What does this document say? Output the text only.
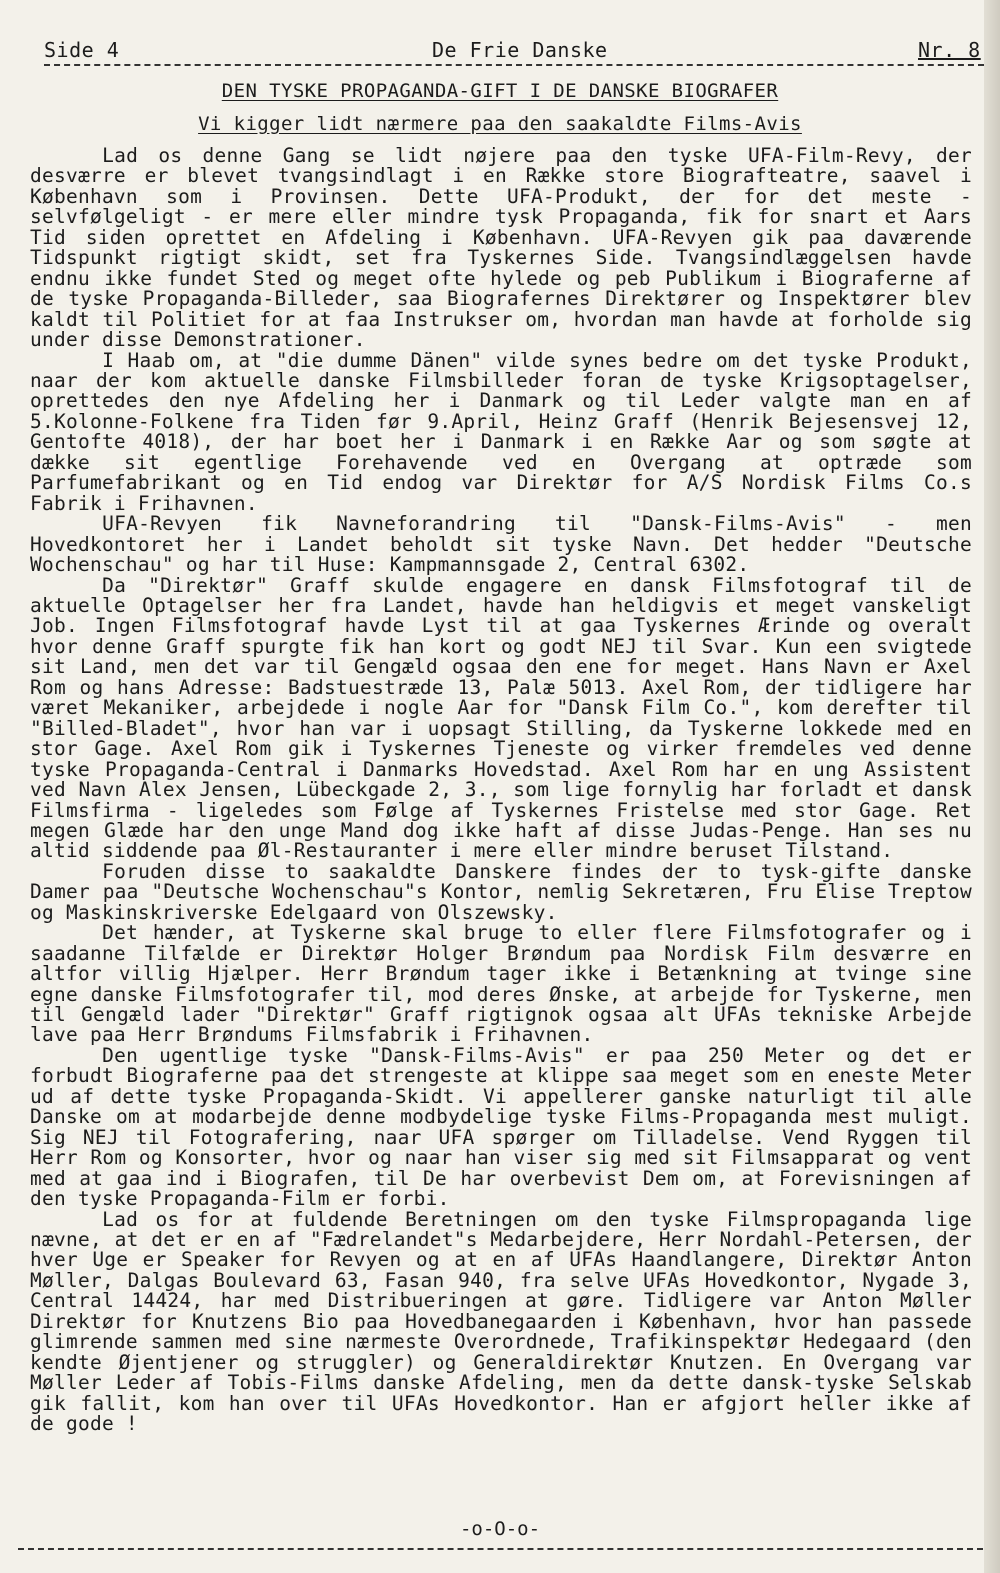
Side 4	De Frie Danske	Nr. 8
DEN TYSKE PROPAGANDA-GIFT I DE DANSKE BIOGRAFER
Vi kigger lidt nærmere paa den saakaldte Films-Avis

Lad os denne Gang se lidt nøjere paa den tyske UFA-Film-Revy, der desværre er blevet tvangsindlagt i en Række store Biografteatre, saavel i København som i Provinsen. Dette UFA-Produkt, der for det meste - selvfølgeligt - er mere eller mindre tysk Propaganda, fik for snart et Aars Tid siden oprettet en Afdeling i København. UFA-Revyen gik paa daværende Tidspunkt rigtigt skidt, set fra Tyskernes Side. Tvangsindlæggelsen havde endnu ikke fundet Sted og meget ofte hylede og peb Publikum i Biograferne af de tyske Propaganda-Billeder, saa Biografernes Direktører og Inspektører blev kaldt til Politiet for at faa Instrukser om, hvordan man havde at forholde sig under disse Demonstrationer.

I Haab om, at "die dumme Dänen" vilde synes bedre om det tyske Produkt, naar der kom aktuelle danske Filmsbilleder foran de tyske Krigsoptagelser, oprettedes den nye Afdeling her i Danmark og til Leder valgte man en af 5.Kolonne-Folkene fra Tiden før 9.April, Heinz Graff (Henrik Bejesensvej 12, Gentofte 4018), der har boet her i Danmark i en Række Aar og som søgte at dække sit egentlige Forehavende ved en Overgang at optræde som Parfumefabrikant og en Tid endog var Direktør for A/S Nordisk Films Co.s Fabrik i Frihavnen.

UFA-Revyen fik Navneforandring til "Dansk-Films-Avis" - men Hovedkontoret her i Landet beholdt sit tyske Navn. Det hedder "Deutsche Wochenschau" og har til Huse: Kampmannsgade 2, Central 6302.

Da "Direktør" Graff skulde engagere en dansk Filmsfotograf til de aktuelle Optagelser her fra Landet, havde han heldigvis et meget vanskeligt Job. Ingen Filmsfotograf havde Lyst til at gaa Tyskernes Ærinde og overalt hvor denne Graff spurgte fik han kort og godt NEJ til Svar. Kun een svigtede sit Land, men det var til Gengæld ogsaa den ene for meget. Hans Navn er Axel Rom og hans Adresse: Badstuestræde 13, Palæ 5013. Axel Rom, der tidligere har været Mekaniker, arbejdede i nogle Aar for "Dansk Film Co.", kom derefter til "Billed-Bladet", hvor han var i uopsagt Stilling, da Tyskerne lokkede med en stor Gage. Axel Rom gik i Tyskernes Tjeneste og virker fremdeles ved denne tyske Propaganda-Central i Danmarks Hovedstad. Axel Rom har en ung Assistent ved Navn Alex Jensen, Lübeckgade 2, 3., som lige fornylig har forladt et dansk Filmsfirma - ligeledes som Følge af Tyskernes Fristelse med stor Gage. Ret megen Glæde har den unge Mand dog ikke haft af disse Judas-Penge. Han ses nu altid siddende paa Øl-Restauranter i mere eller mindre beruset Tilstand.

Foruden disse to saakaldte Danskere findes der to tysk-gifte danske Damer paa "Deutsche Wochenschau"s Kontor, nemlig Sekretæren, Fru Elise Treptow og Maskinskriverske Edelgaard von Olszewsky.

Det hænder, at Tyskerne skal bruge to eller flere Filmsfotografer og i saadanne Tilfælde er Direktør Holger Brøndum paa Nordisk Film desværre en altfor villig Hjælper. Herr Brøndum tager ikke i Betænkning at tvinge sine egne danske Filmsfotografer til, mod deres Ønske, at arbejde for Tyskerne, men til Gengæld lader "Direktør" Graff rigtignok ogsaa alt UFAs tekniske Arbejde lave paa Herr Brøndums Filmsfabrik i Frihavnen.

Den ugentlige tyske "Dansk-Films-Avis" er paa 250 Meter og det er forbudt Biograferne paa det strengeste at klippe saa meget som en eneste Meter ud af dette tyske Propaganda-Skidt. Vi appellerer ganske naturligt til alle Danske om at modarbejde denne modbydelige tyske Films-Propaganda mest muligt. Sig NEJ til Fotografering, naar UFA spørger om Tilladelse. Vend Ryggen til Herr Rom og Konsorter, hvor og naar han viser sig med sit Filmsapparat og vent med at gaa ind i Biografen, til De har overbevist Dem om, at Forevisningen af den tyske Propaganda-Film er forbi.

Lad os for at fuldende Beretningen om den tyske Filmspropaganda lige nævne, at det er en af "Fædrelandet"s Medarbejdere, Herr Nordahl-Petersen, der hver Uge er Speaker for Revyen og at en af UFAs Haandlangere, Direktør Anton Møller, Dalgas Boulevard 63, Fasan 940, fra selve UFAs Hovedkontor, Nygade 3, Central 14424, har med Distribueringen at gøre. Tidligere var Anton Møller Direktør for Knutzens Bio paa Hovedbanegaarden i København, hvor han passede glimrende sammen med sine nærmeste Overordnede, Trafikinspektør Hedegaard (den kendte Øjentjener og struggler) og Generaldirektør Knutzen. En Overgang var Møller Leder af Tobis-Films danske Afdeling, men da dette dansk-tyske Selskab gik fallit, kom han over til UFAs Hovedkontor. Han er afgjort heller ikke af de gode !

-o-O-o-
